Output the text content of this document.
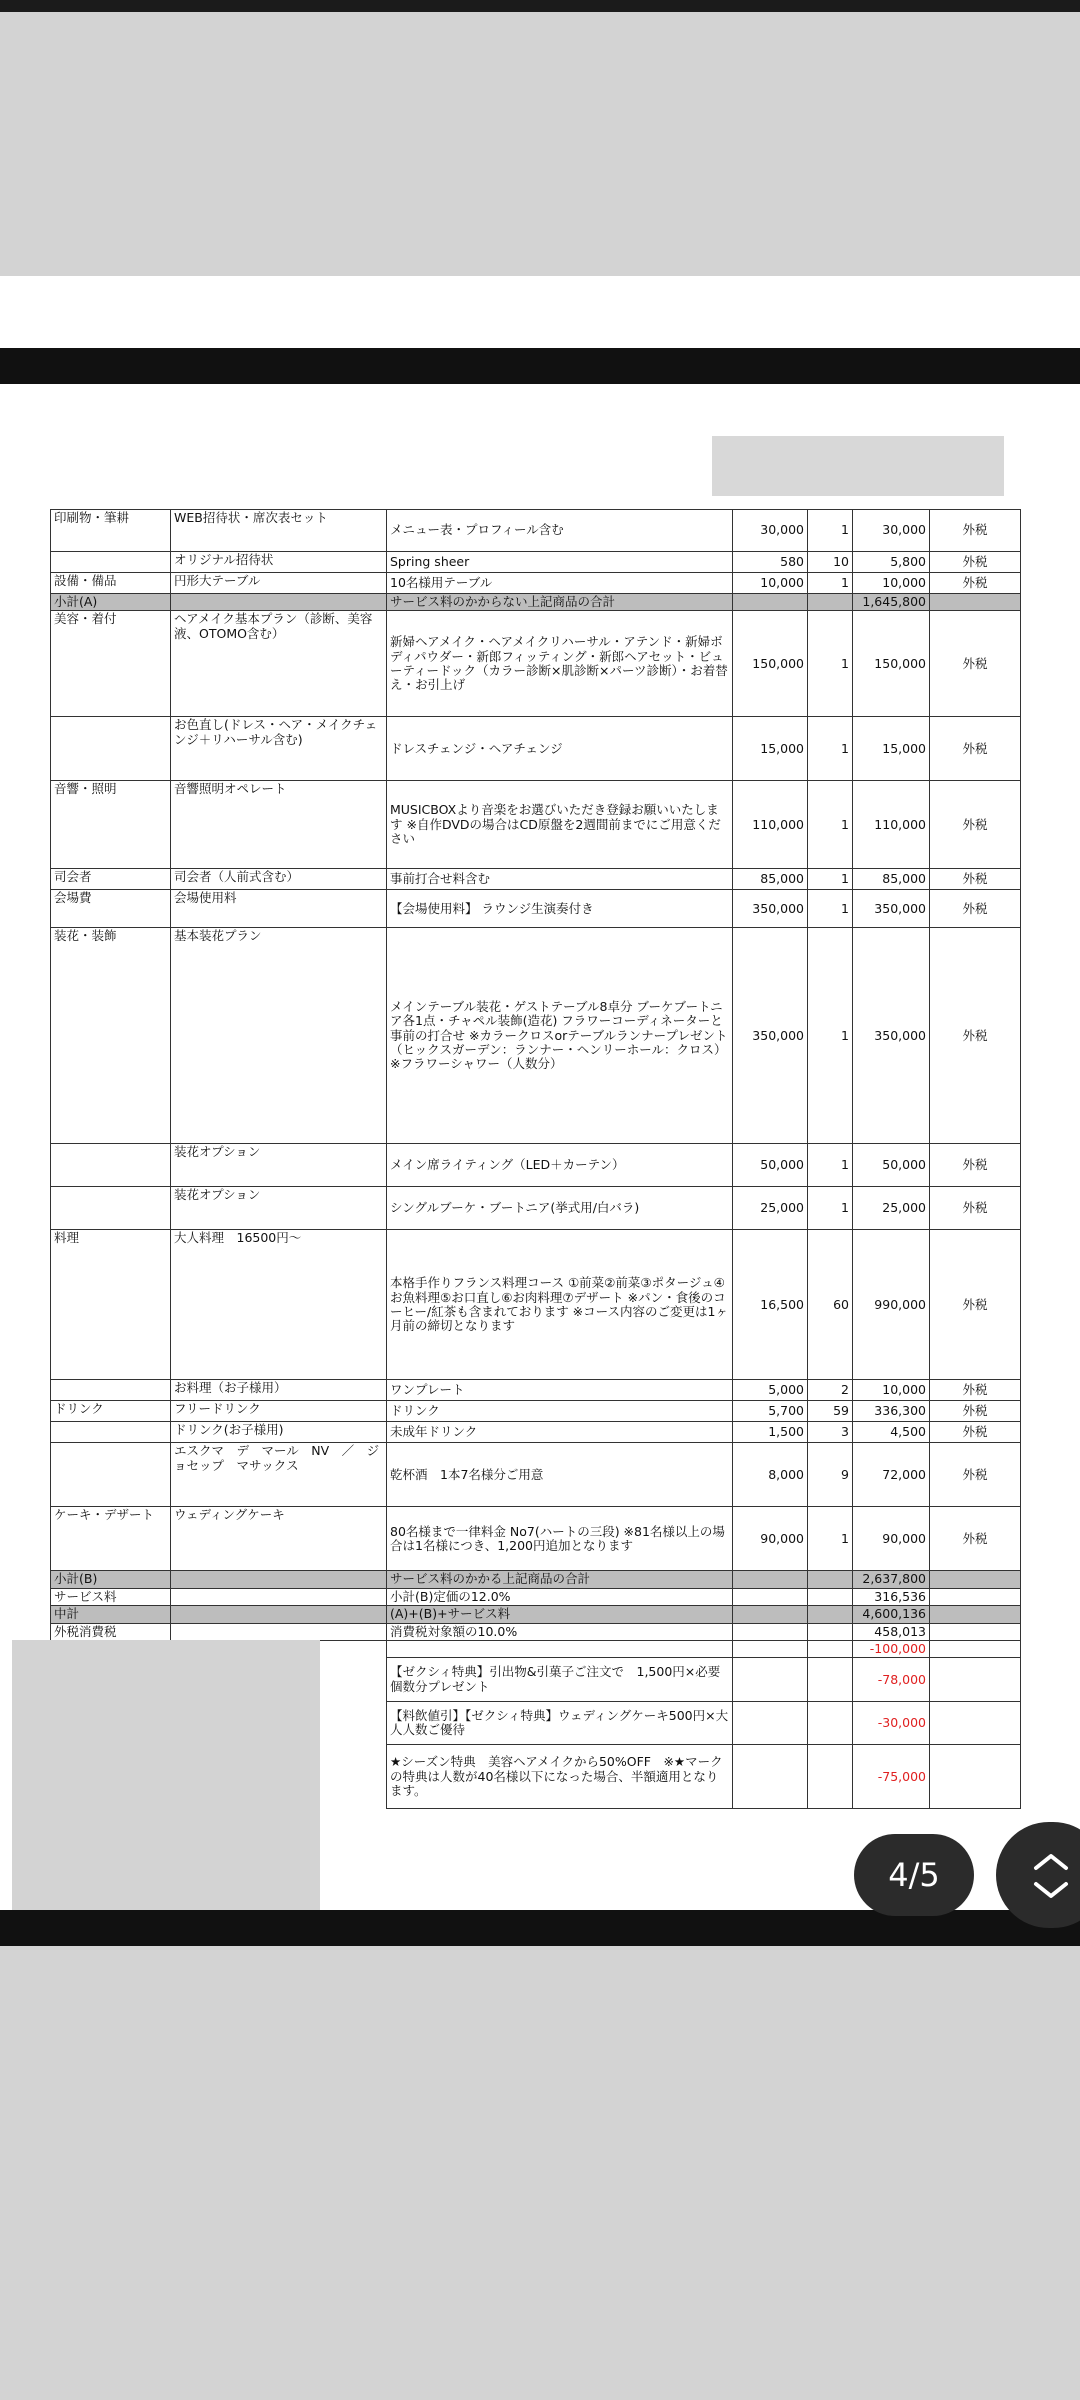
印刷物・筆耕	WEB招待状・席次表セット	メニュー表・プロフィール含む	30,000	1	30,000	外税
	オリジナル招待状	Spring sheer	580	10	5,800	外税
設備・備品	円形大テーブル	10名様用テーブル	10,000	1	10,000	外税
小計(A)		サービス料のかからない上記商品の合計			1,645,800	
美容・着付	ヘアメイク基本プラン（診断、美容液、OTOMO含む）	新婦ヘアメイク・ヘアメイクリハーサル・アテンド・新婦ボディパウダー・新郎フィッティング・新郎ヘアセット・ビューティードック（カラー診断×肌診断×パーツ診断）・お着替え・お引上げ	150,000	1	150,000	外税
	お色直し(ドレス・ヘア・メイクチェンジ＋リハーサル含む)	ドレスチェンジ・ヘアチェンジ	15,000	1	15,000	外税
音響・照明	音響照明オペレート	MUSICBOXより音楽をお選びいただき登録お願いいたします ※自作DVDの場合はCD原盤を2週間前までにご用意ください	110,000	1	110,000	外税
司会者	司会者（人前式含む）	事前打合せ料含む	85,000	1	85,000	外税
会場費	会場使用料	【会場使用料】 ラウンジ生演奏付き	350,000	1	350,000	外税
装花・装飾	基本装花プラン	メインテーブル装花・ゲストテーブル8卓分 ブーケブートニア各1点・チャペル装飾(造花) フラワーコーディネーターと事前の打合せ ※カラークロスorテーブルランナープレゼント（ヒックスガーデン：ランナー・ヘンリーホール：クロス） ※フラワーシャワー（人数分）	350,000	1	350,000	外税
	装花オプション	メイン席ライティング（LED＋カーテン）	50,000	1	50,000	外税
	装花オプション	シングルブーケ・ブートニア(挙式用/白バラ)	25,000	1	25,000	外税
料理	大人料理　16500円～	本格手作りフランス料理コース ①前菜②前菜③ポタージュ④お魚料理⑤お口直し⑥お肉料理⑦デザート ※パン・食後のコーヒー/紅茶も含まれております ※コース内容のご変更は1ヶ月前の締切となります	16,500	60	990,000	外税
	お料理（お子様用）	ワンプレート	5,000	2	10,000	外税
ドリンク	フリードリンク	ドリンク	5,700	59	336,300	外税
	ドリンク(お子様用)	未成年ドリンク	1,500	3	4,500	外税
	エスクマ　デ　マール　NV　／　ジョセップ　マサックス	乾杯酒　1本7名様分ご用意	8,000	9	72,000	外税
ケーキ・デザート	ウェディングケーキ	80名様まで一律料金 No7(ハートの三段) ※81名様以上の場合は1名様につき、1,200円追加となります	90,000	1	90,000	外税
小計(B)		サービス料のかかる上記商品の合計			2,637,800	
サービス料		小計(B)定価の12.0%			316,536	
中計		(A)+(B)+サービス料			4,600,136	
外税消費税		消費税対象額の10.0%			458,013	
					-100,000	
		【ゼクシィ特典】引出物&引菓子ご注文で　1,500円×必要個数分プレゼント			-78,000	
		【料飲値引】【ゼクシィ特典】ウェディングケーキ500円×大人人数ご優待			-30,000	
		★シーズン特典　美容ヘアメイクから50%OFF　※★マークの特典は人数が40名様以下になった場合、半額適用となります。			-75,000	
4/5
